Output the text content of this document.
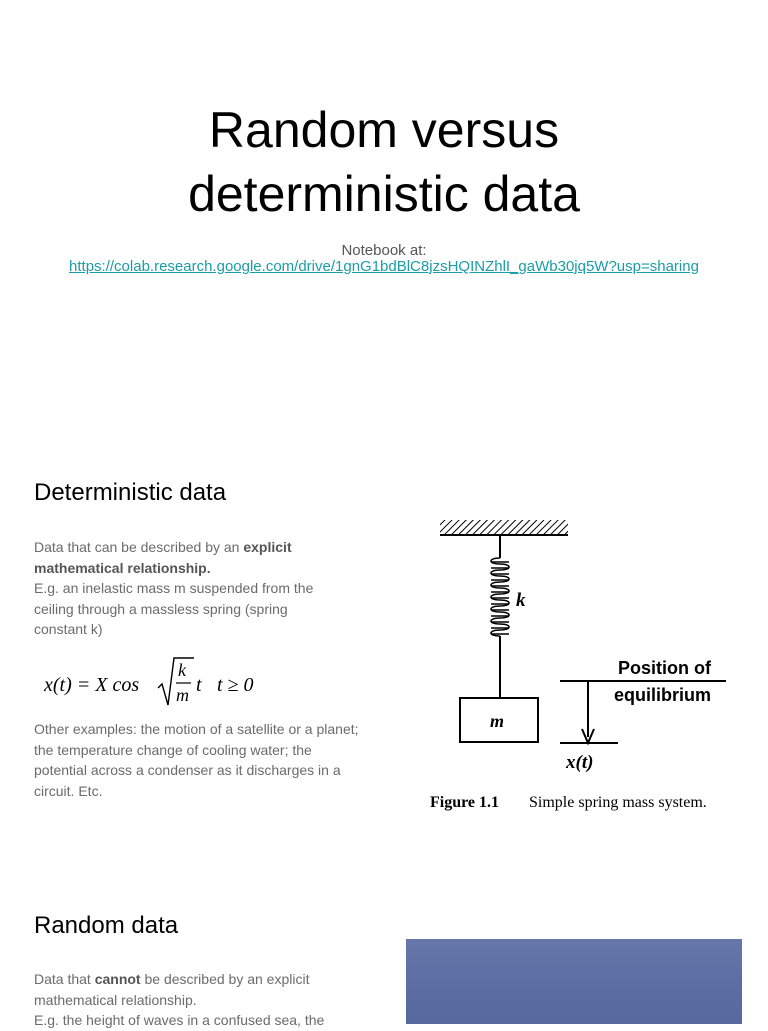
Random versus
deterministic data
Notebook at:
https://colab.research.google.com/drive/1gnG1bdBlC8jzsHQINZhlI_gaWb30jq5W?usp=sharing
Deterministic data
Data that can be described by an explicit mathematical relationship.
E.g. an inelastic mass m suspended from the ceiling through a massless spring (spring constant k)
x(t) = X cos
k
m t t ≥ 0
Other examples: the motion of a satellite or a planet; the temperature change of cooling water; the potential across a condenser as it discharges in a circuit. Etc.
k
m
Position of
equilibrium
x(t)
Figure 1.1 Simple spring mass system.
Random data
Data that cannot be described by an explicit mathematical relationship.
E.g. the height of waves in a confused sea, the
